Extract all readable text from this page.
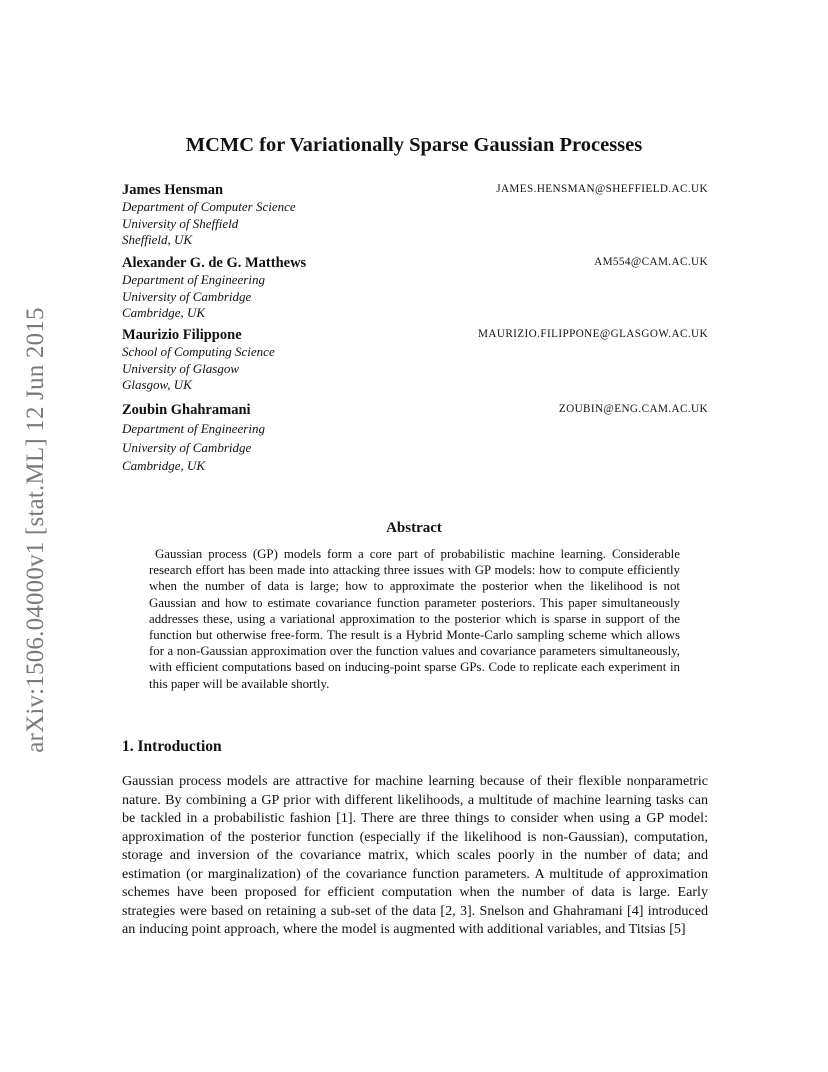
arXiv:1506.04000v1 [stat.ML] 12 Jun 2015
MCMC for Variationally Sparse Gaussian Processes
James Hensman	JAMES.HENSMAN@SHEFFIELD.AC.UK
Department of Computer Science
University of Sheffield
Sheffield, UK
Alexander G. de G. Matthews	AM554@CAM.AC.UK
Department of Engineering
University of Cambridge
Cambridge, UK
Maurizio Filippone	MAURIZIO.FILIPPONE@GLASGOW.AC.UK
School of Computing Science
University of Glasgow
Glasgow, UK
Zoubin Ghahramani	ZOUBIN@ENG.CAM.AC.UK
Department of Engineering
University of Cambridge
Cambridge, UK
Abstract
Gaussian process (GP) models form a core part of probabilistic machine learning. Considerable research effort has been made into attacking three issues with GP models: how to compute efficiently when the number of data is large; how to approximate the posterior when the likelihood is not Gaussian and how to estimate covariance function parameter posteriors. This paper simultaneously addresses these, using a variational approximation to the posterior which is sparse in support of the function but otherwise free-form. The result is a Hybrid Monte-Carlo sampling scheme which allows for a non-Gaussian approximation over the function values and covariance parameters simultaneously, with efficient computations based on inducing-point sparse GPs. Code to replicate each experiment in this paper will be available shortly.
1. Introduction
Gaussian process models are attractive for machine learning because of their flexible nonparametric nature. By combining a GP prior with different likelihoods, a multitude of machine learning tasks can be tackled in a probabilistic fashion [1]. There are three things to consider when using a GP model: approximation of the posterior function (especially if the likelihood is non-Gaussian), computation, storage and inversion of the covariance matrix, which scales poorly in the number of data; and estimation (or marginalization) of the covariance function parameters. A multitude of approximation schemes have been proposed for efficient computation when the number of data is large. Early strategies were based on retaining a sub-set of the data [2, 3]. Snelson and Ghahramani [4] introduced an inducing point approach, where the model is augmented with additional variables, and Titsias [5]
